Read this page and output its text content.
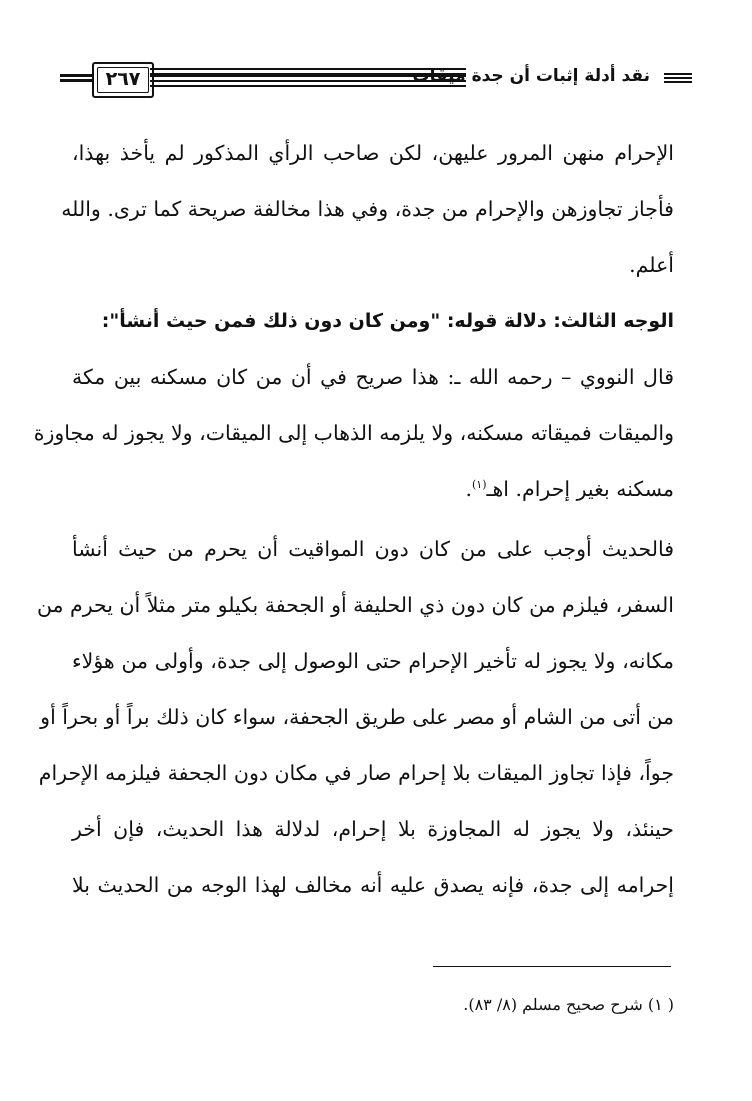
٢٦٧	نقد أدلة إثبات أن جدة ميقات
الإحرام منهن المرور عليهن، لكن صاحب الرأي المذكور لم يأخذ بهذا،
فأجاز تجاوزهن والإحرام من جدة، وفي هذا مخالفة صريحة كما ترى. والله
أعلم.
الوجه الثالث: دلالة قوله: "ومن كان دون ذلك فمن حيث أنشأ":
قال النووي – رحمه الله ـ: هذا صريح في أن من كان مسكنه بين مكة
والميقات فميقاته مسكنه، ولا يلزمه الذهاب إلى الميقات، ولا يجوز له مجاوزة
مسكنه بغير إحرام. اهـ$^{(١)}$.
فالحديث أوجب على من كان دون المواقيت أن يحرم من حيث أنشأ
السفر، فيلزم من كان دون ذي الحليفة أو الجحفة بكيلو متر مثلاً أن يحرم من
مكانه، ولا يجوز له تأخير الإحرام حتى الوصول إلى جدة، وأولى من هؤلاء
من أتى من الشام أو مصر على طريق الجحفة، سواء كان ذلك براً أو بحراً أو
جواً، فإذا تجاوز الميقات بلا إحرام صار في مكان دون الجحفة فيلزمه الإحرام
حينئذ، ولا يجوز له المجاوزة بلا إحرام، لدلالة هذا الحديث، فإن أخر
إحرامه إلى جدة، فإنه يصدق عليه أنه مخالف لهذا الوجه من الحديث بلا
( ١) شرح صحيح مسلم (٨/ ٨٣).
